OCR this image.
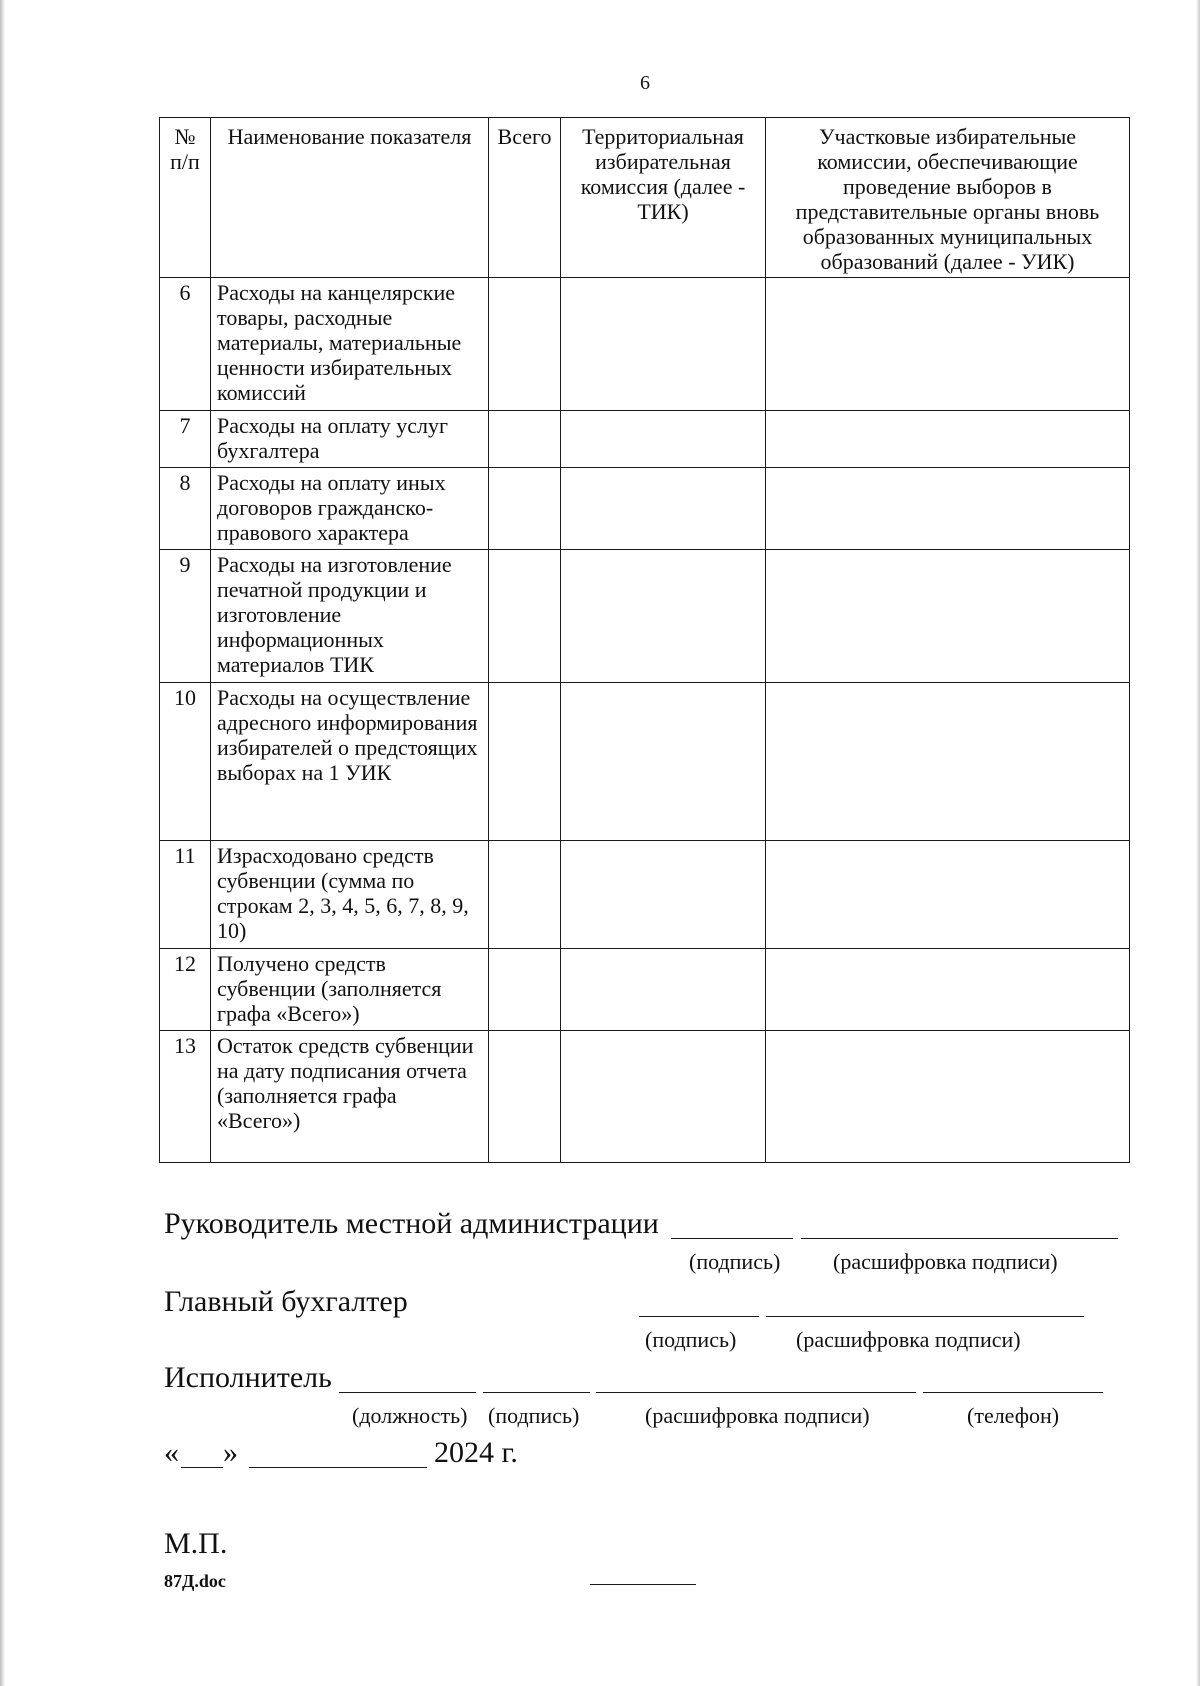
6
№ п/п	Наименование показателя	Всего	Территориальная избирательная комиссия (далее - ТИК)	Участковые избирательные комиссии, обеспечивающие проведение выборов в представительные органы вновь образованных муниципальных образований (далее - УИК)
6	Расходы на канцелярские товары, расходные материалы, материальные ценности избирательных комиссий			
7	Расходы на оплату услуг бухгалтера			
8	Расходы на оплату иных договоров гражданско-правового характера			
9	Расходы на изготовление печатной продукции и изготовление информационных материалов ТИК			
10	Расходы на осуществление адресного информирования избирателей о предстоящих выборах на 1 УИК			
11	Израсходовано средств субвенции (сумма по строкам 2, 3, 4, 5, 6, 7, 8, 9, 10)			
12	Получено средств субвенции (заполняется графа «Всего»)			
13	Остаток средств субвенции на дату подписания отчета (заполняется графа «Всего»)			
Руководитель местной администрации
(подпись) (расшифровка подписи)
Главный бухгалтер
(подпись)	(расшифровка подписи)
Исполнитель
(должность) (подпись)	(расшифровка подписи)	(телефон)
« »	2024 г.
М.П.
87Д.doc
